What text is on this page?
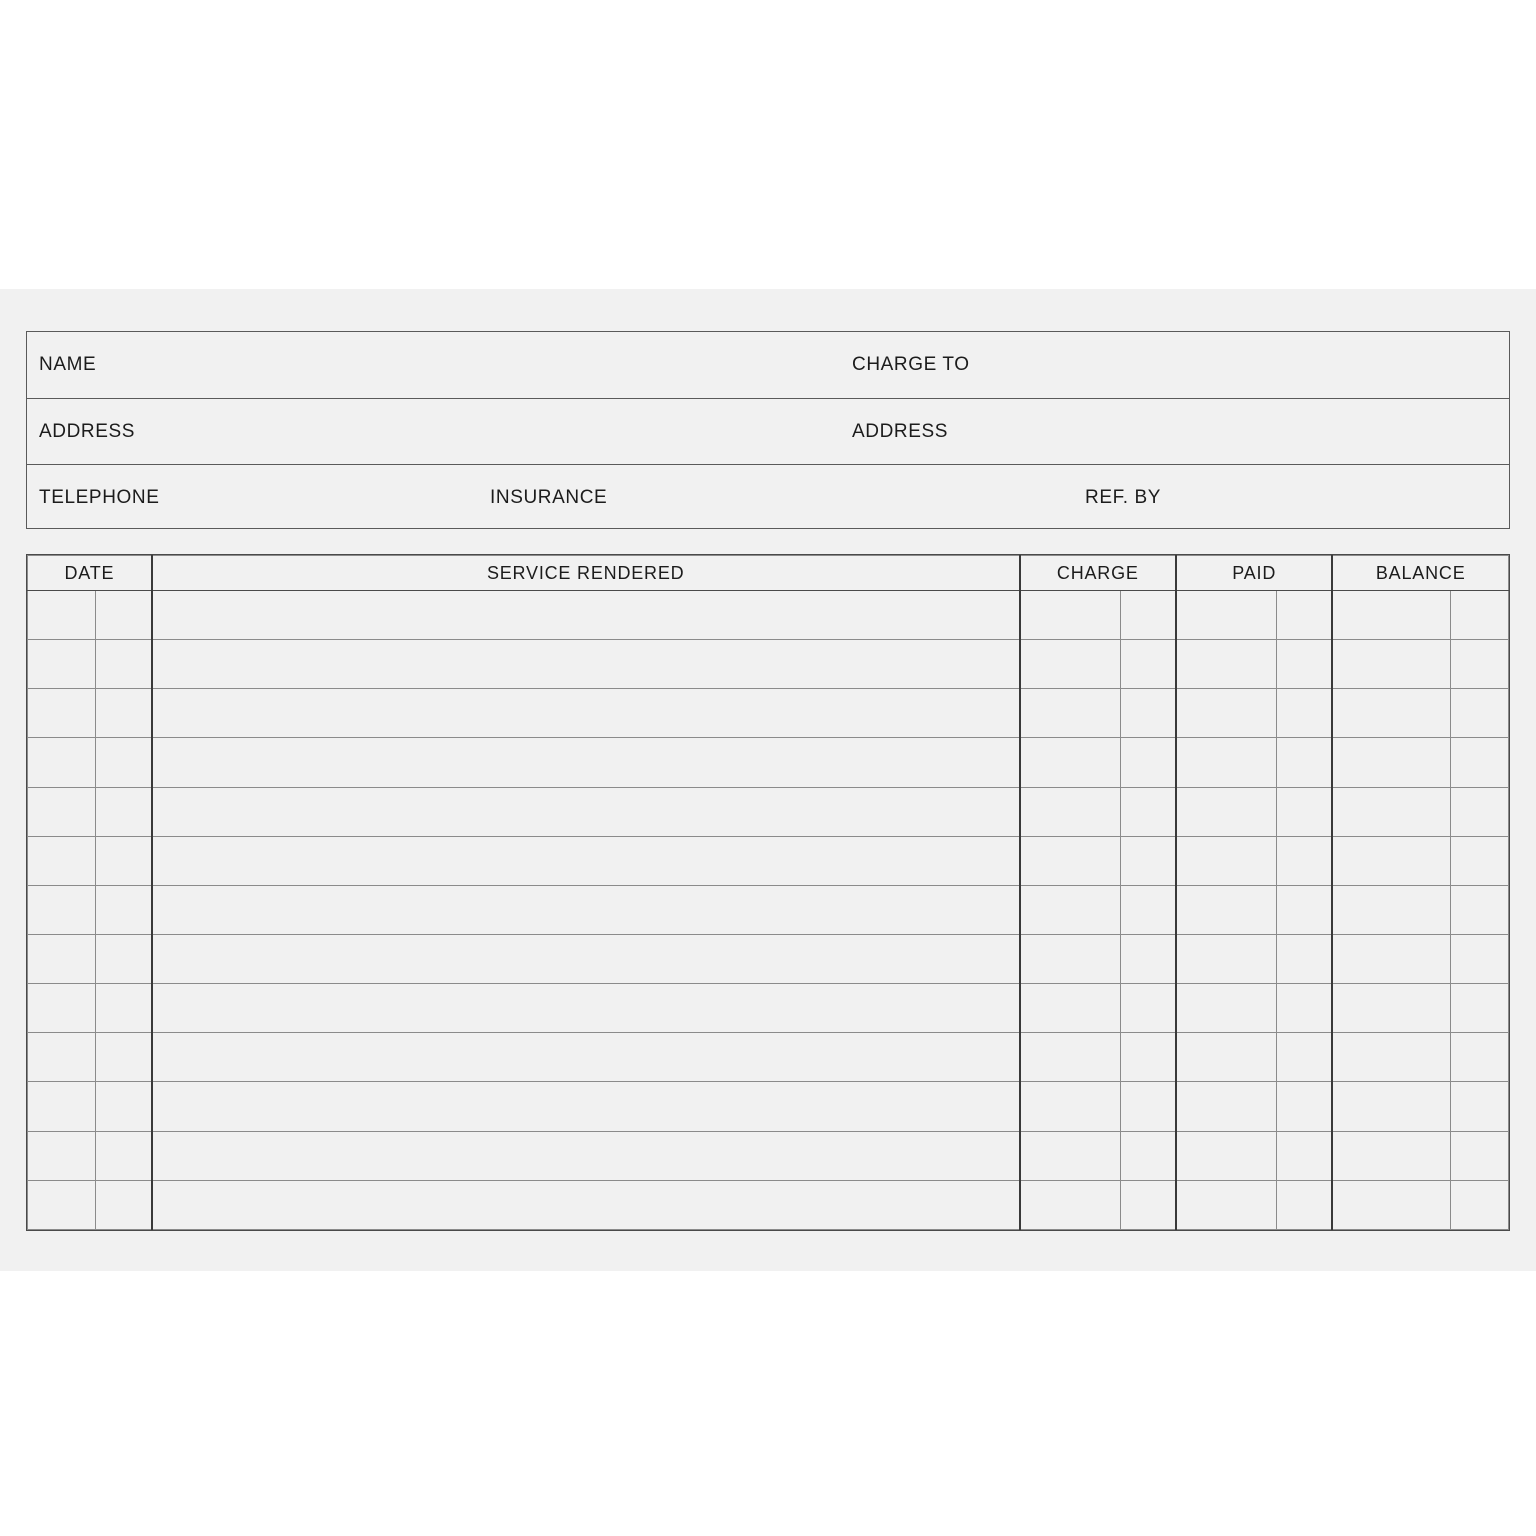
NAME	CHARGE TO
ADDRESS	ADDRESS
TELEPHONE	INSURANCE	REF. BY
DATE		SERVICE RENDERED	CHARGE		PAID		BALANCE	
